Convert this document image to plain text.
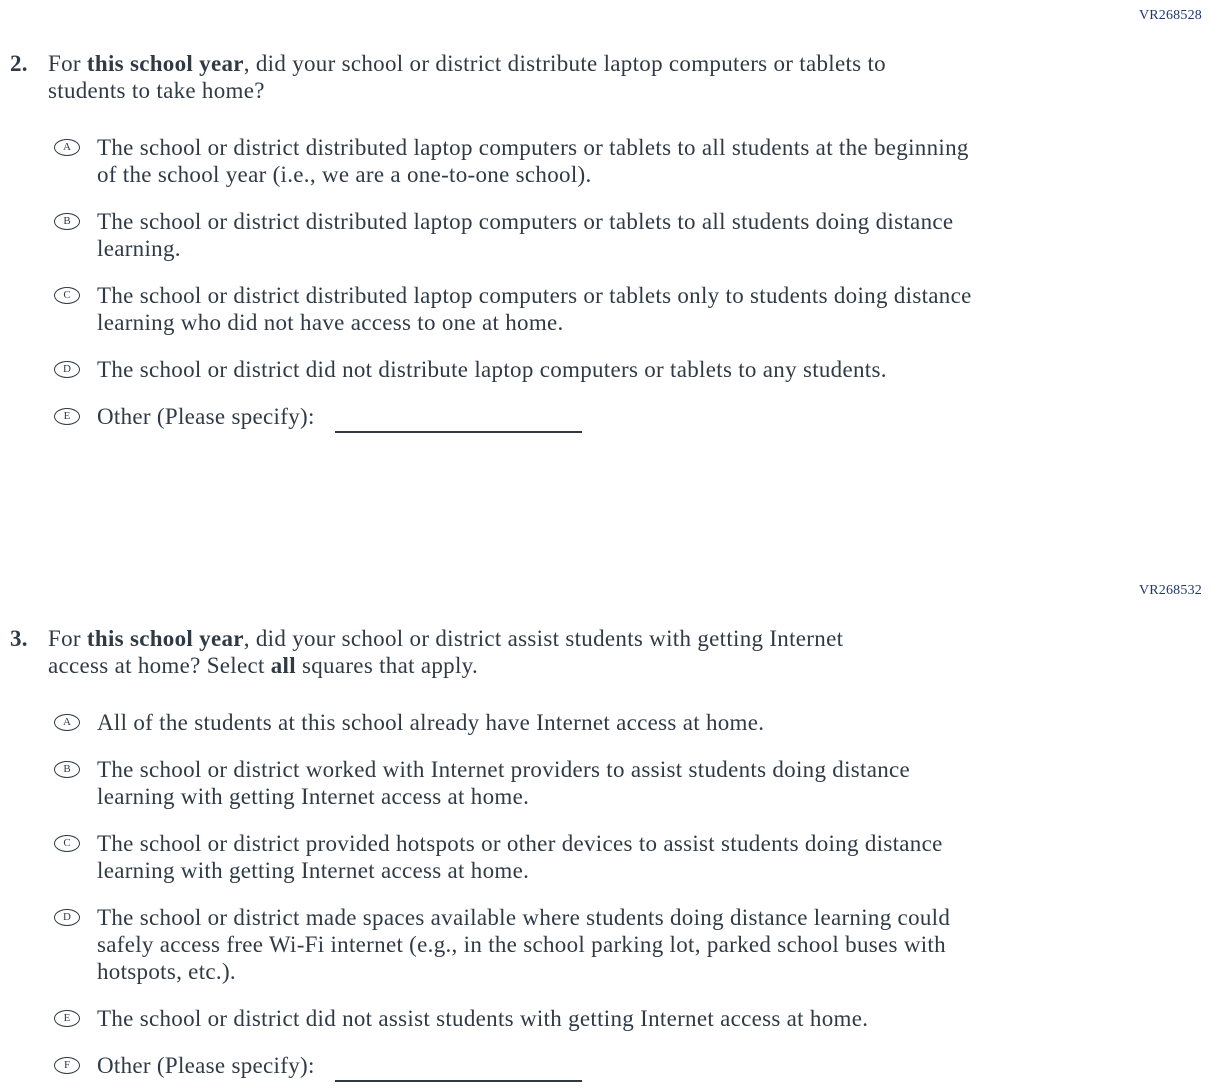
VR268528
2. For this school year, did your school or district distribute laptop computers or tablets to
students to take home?
A The school or district distributed laptop computers or tablets to all students at the beginning
of the school year (i.e., we are a one-to-one school).
B The school or district distributed laptop computers or tablets to all students doing distance
learning.
C The school or district distributed laptop computers or tablets only to students doing distance
learning who did not have access to one at home.
D The school or district did not distribute laptop computers or tablets to any students.
E Other (Please specify):
VR268532
3. For this school year, did your school or district assist students with getting Internet
access at home? Select all squares that apply.
A All of the students at this school already have Internet access at home.
B The school or district worked with Internet providers to assist students doing distance
learning with getting Internet access at home.
C The school or district provided hotspots or other devices to assist students doing distance
learning with getting Internet access at home.
D The school or district made spaces available where students doing distance learning could
safely access free Wi-Fi internet (e.g., in the school parking lot, parked school buses with
hotspots, etc.).
E The school or district did not assist students with getting Internet access at home.
F Other (Please specify):
